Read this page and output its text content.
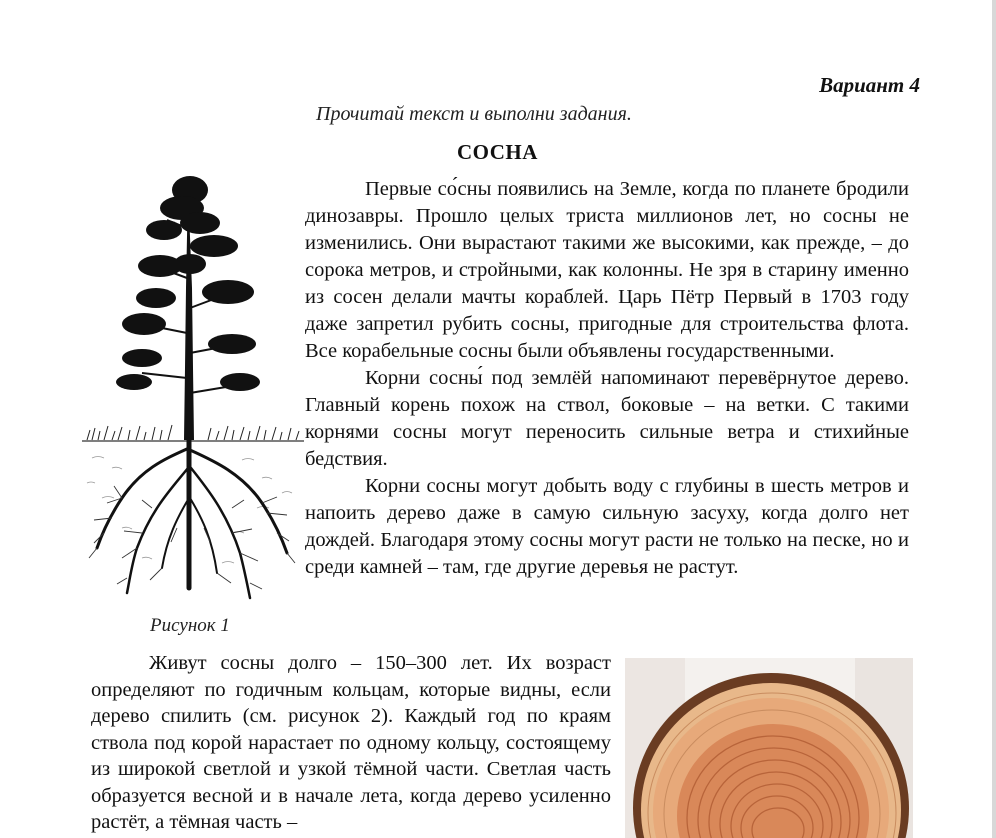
Вариант 4
Прочитай текст и выполни задания.
СОСНА
Рисунок 1

Первые со́сны появились на Земле, когда по планете бродили динозавры. Прошло целых триста миллионов лет, но сосны не изменились. Они вырастают такими же высокими, как прежде, – до сорока метров, и стройными, как колонны. Не зря в старину именно из сосен делали мачты кораблей. Царь Пётр Первый в 1703 году даже запретил рубить сосны, пригодные для строительства флота. Все корабельные сосны были объявлены государственными.

Корни сосны́ под землёй напоминают перевёрнутое дерево. Главный корень похож на ствол, боковые – на ветки. С такими корнями сосны могут переносить сильные ветра и стихийные бедствия.

Корни сосны могут добыть воду с глубины в шесть метров и напоить дерево даже в самую сильную засуху, когда долго нет дождей. Благодаря этому сосны могут расти не только на песке, но и среди камней – там, где другие деревья не растут.

Живут сосны долго – 150–300 лет. Их возраст определяют по годичным кольцам, которые видны, если дерево спилить (см. рисунок 2). Каждый год по краям ствола под корой нарастает по одному кольцу, состоящему из широкой светлой и узкой тёмной части. Светлая часть образуется весной и в начале лета, когда дерево усиленно растёт, а тёмная часть –
